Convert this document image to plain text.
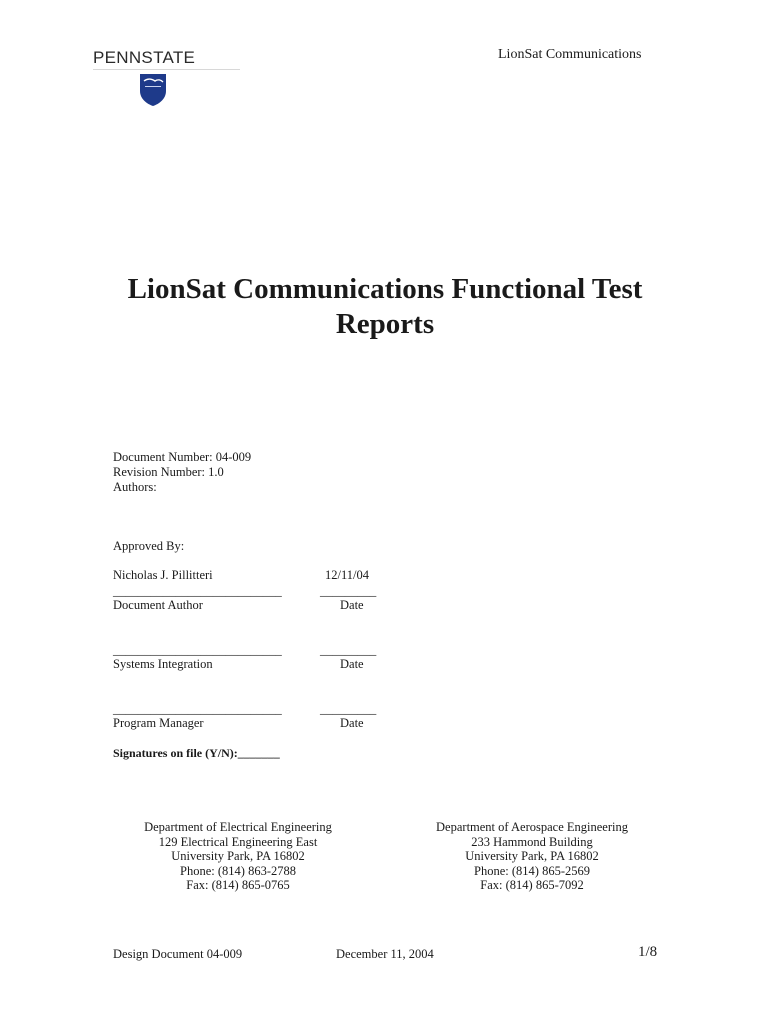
PENNSTATE	LionSat Communications
LionSat Communications Functional Test
Reports
Document Number: 04-009
Revision Number: 1.0
Authors:
Approved By:
Nicholas J. Pillitteri	12/11/04
___________________________	_________
Document Author	Date
___________________________	_________
Systems Integration	Date
___________________________	_________
Program Manager	Date
Signatures on file (Y/N):_______
Department of Electrical Engineering
129 Electrical Engineering East
University Park, PA 16802
Phone: (814) 863-2788
Fax: (814) 865-0765
Department of Aerospace Engineering
233 Hammond Building
University Park, PA 16802
Phone: (814) 865-2569
Fax: (814) 865-7092
Design Document 04-009	December 11, 2004	1/8
